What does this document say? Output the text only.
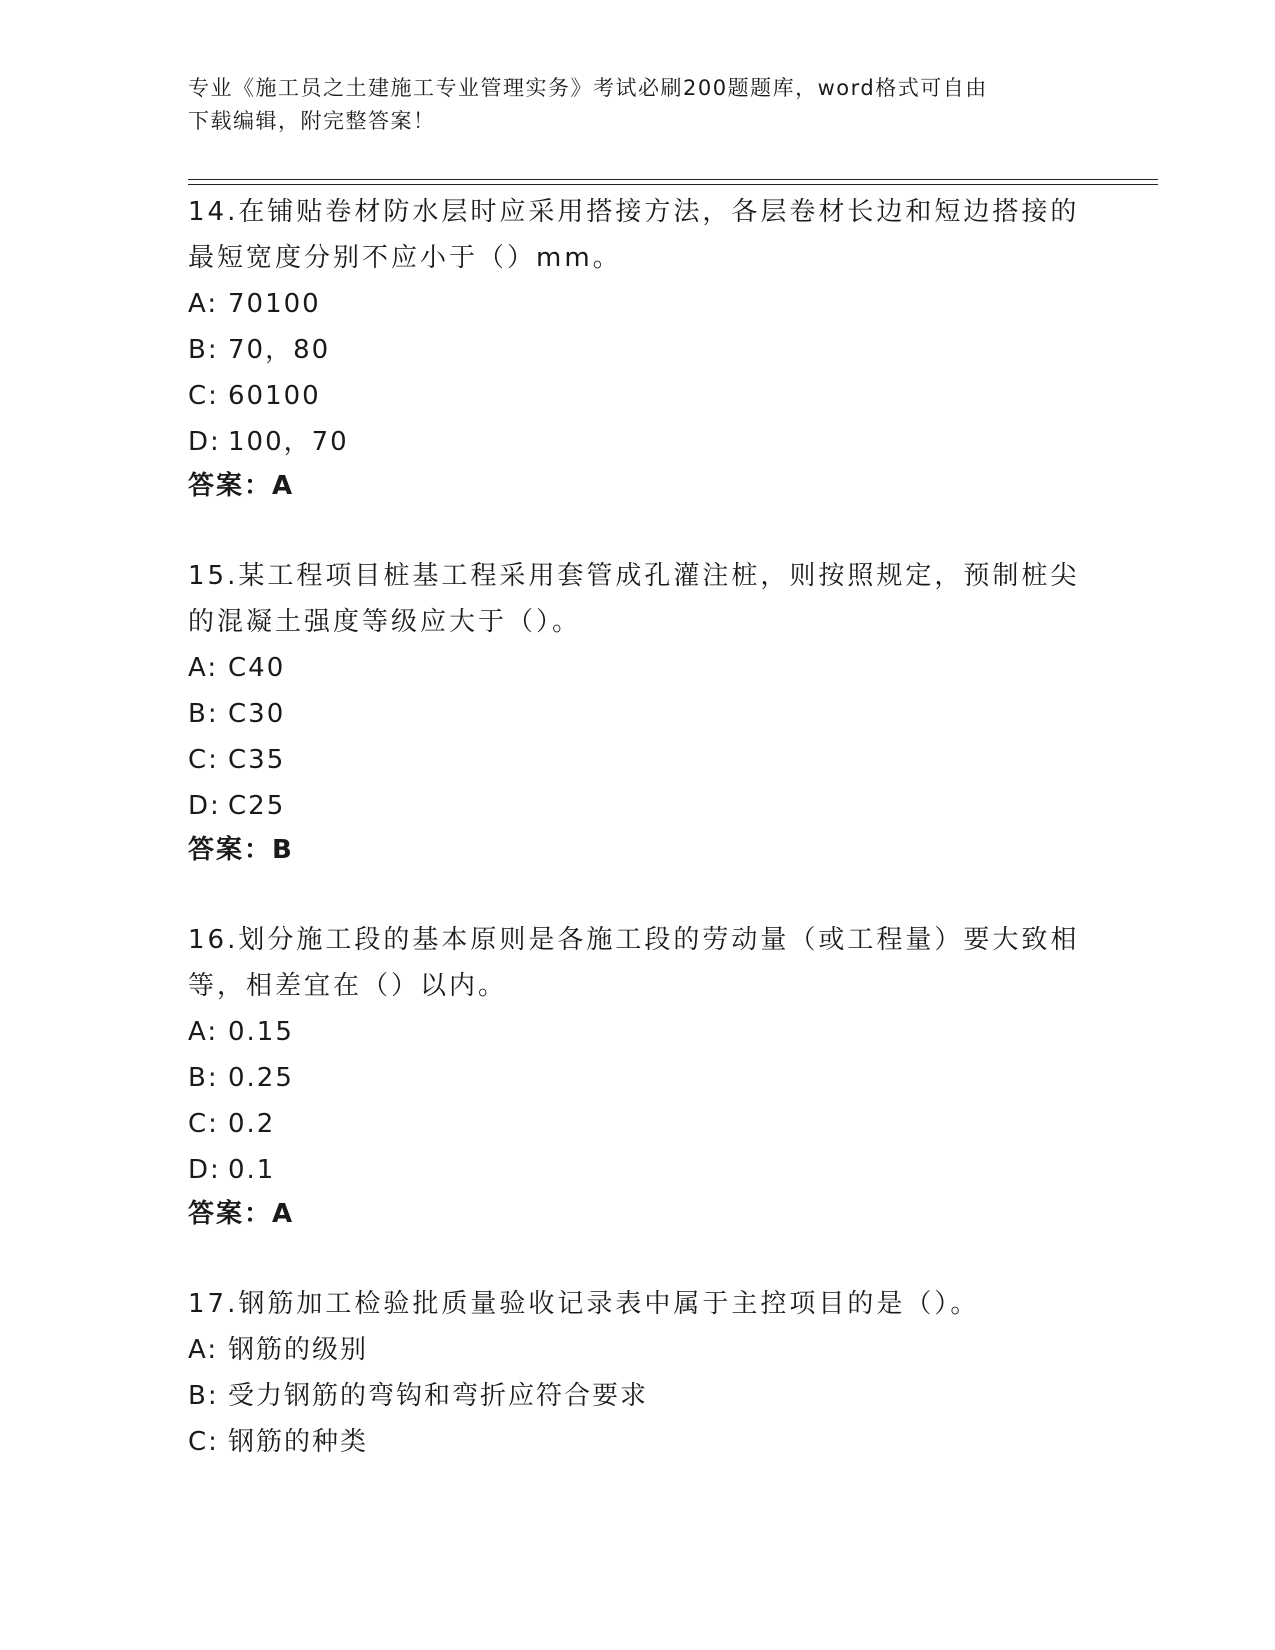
专业《施工员之土建施工专业管理实务》考试必刷200题题库，word格式可自由
下载编辑，附完整答案！

14.在铺贴卷材防水层时应采用搭接方法，各层卷材长边和短边搭接的

最短宽度分别不应小于（）mm。

A: 70100

B: 70，80

C: 60100

D: 100，70

答案：A

15.某工程项目桩基工程采用套管成孔灌注桩，则按照规定，预制桩尖

的混凝土强度等级应大于（）。

A: C40

B: C30

C: C35

D: C25

答案：B

16.划分施工段的基本原则是各施工段的劳动量（或工程量）要大致相

等，相差宜在（）以内。

A: 0.15

B: 0.25

C: 0.2

D: 0.1

答案：A

17.钢筋加工检验批质量验收记录表中属于主控项目的是（）。

A: 钢筋的级别

B: 受力钢筋的弯钩和弯折应符合要求

C: 钢筋的种类
